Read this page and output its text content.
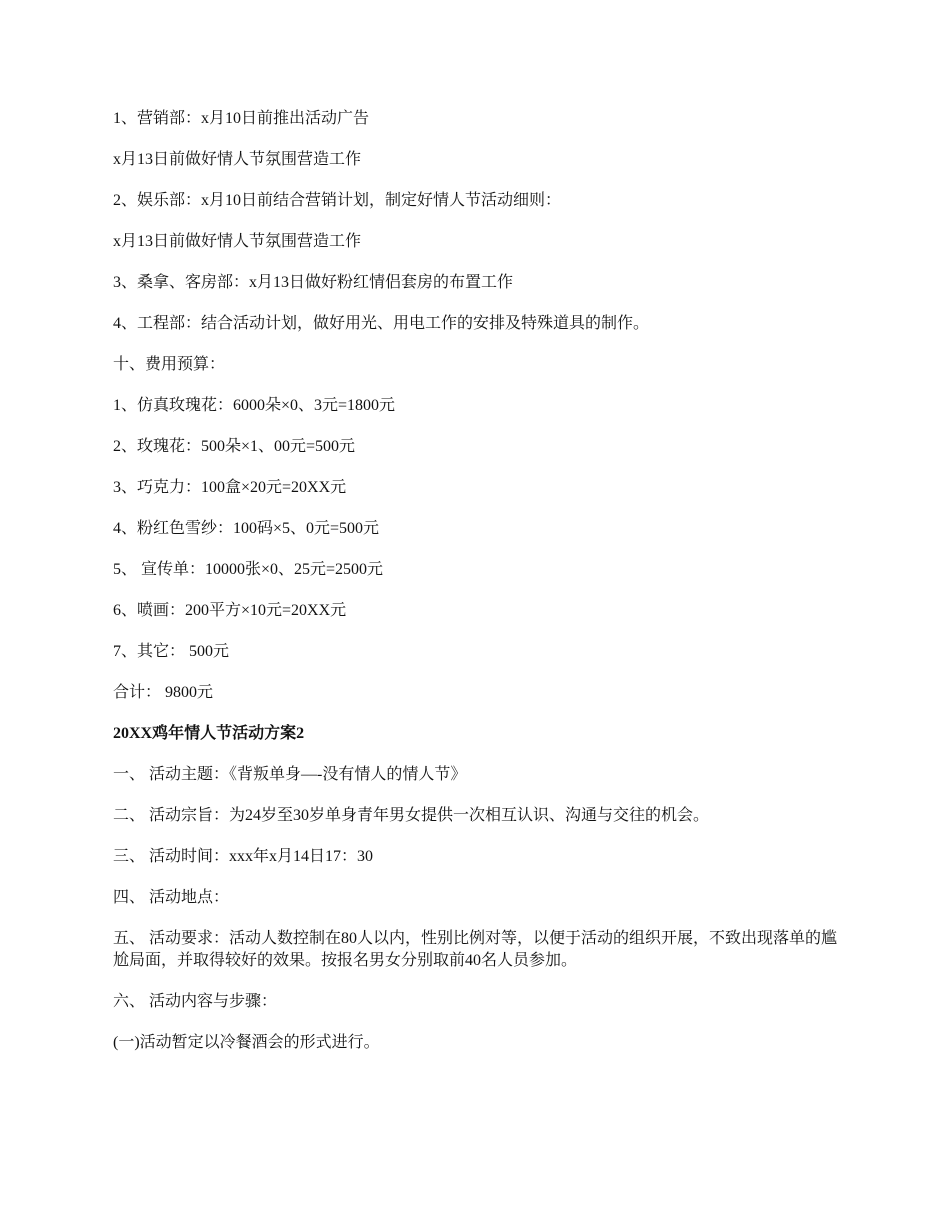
1、营销部：x月10日前推出活动广告

x月13日前做好情人节氛围营造工作

2、娱乐部：x月10日前结合营销计划，制定好情人节活动细则：

x月13日前做好情人节氛围营造工作

3、桑拿、客房部：x月13日做好粉红情侣套房的布置工作

4、工程部：结合活动计划，做好用光、用电工作的安排及特殊道具的制作。

十、费用预算：

1、仿真玫瑰花：6000朵×0、3元=1800元

2、玫瑰花：500朵×1、00元=500元

3、巧克力：100盒×20元=20XX元

4、粉红色雪纱：100码×5、0元=500元

5、 宣传单：10000张×0、25元=2500元

6、喷画：200平方×10元=20XX元

7、其它： 500元

合计： 9800元

20XX鸡年情人节活动方案2

一、 活动主题：《背叛单身—-没有情人的情人节》

二、 活动宗旨：为24岁至30岁单身青年男女提供一次相互认识、沟通与交往的机会。

三、 活动时间：xxx年x月14日17：30

四、 活动地点：

五、 活动要求：活动人数控制在80人以内，性别比例对等，以便于活动的组织开展，不致出现落单的尴尬局面，并取得较好的效果。按报名男女分别取前40名人员参加。

六、 活动内容与步骤：

(一)活动暂定以冷餐酒会的形式进行。
